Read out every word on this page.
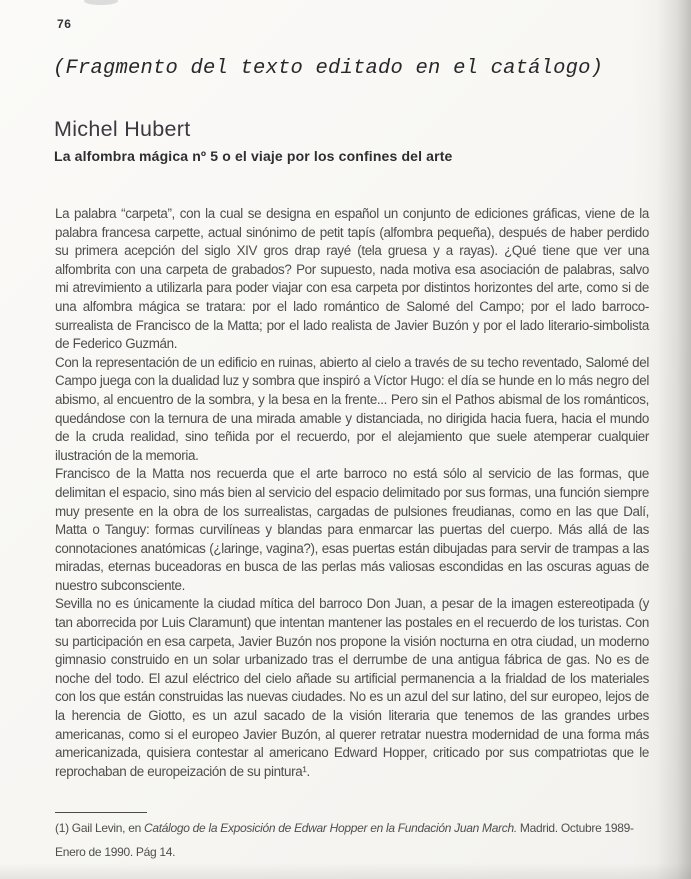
76
(Fragmento del texto editado en el catálogo)
Michel Hubert
La alfombra mágica nº 5 o el viaje por los confines del arte

La palabra “carpeta”, con la cual se designa en español un conjunto de ediciones gráficas, viene de la palabra francesa carpette, actual sinónimo de petit tapís (alfombra pequeña), después de haber perdido su primera acepción del siglo XIV gros drap rayé (tela gruesa y a rayas). ¿Qué tiene que ver una alfombrita con una carpeta de grabados? Por supuesto, nada motiva esa asociación de palabras, salvo mi atrevimiento a utilizarla para poder viajar con esa carpeta por distintos horizontes del arte, como si de una alfombra mágica se tratara: por el lado romántico de Salomé del Campo; por el lado barroco-surrealista de Francisco de la Matta; por el lado realista de Javier Buzón y por el lado literario-simbolista de Federico Guzmán.

Con la representación de un edificio en ruinas, abierto al cielo a través de su techo reventado, Salomé del Campo juega con la dualidad luz y sombra que inspiró a Víctor Hugo: el día se hunde en lo más negro del abismo, al encuentro de la sombra, y la besa en la frente... Pero sin el Pathos abismal de los románticos, quedándose con la ternura de una mirada amable y distanciada, no dirigida hacia fuera, hacia el mundo de la cruda realidad, sino teñida por el recuerdo, por el alejamiento que suele atemperar cualquier ilustración de la memoria.

Francisco de la Matta nos recuerda que el arte barroco no está sólo al servicio de las formas, que delimitan el espacio, sino más bien al servicio del espacio delimitado por sus formas, una función siempre muy presente en la obra de los surrealistas, cargadas de pulsiones freudianas, como en las que Dalí, Matta o Tanguy: formas curvilíneas y blandas para enmarcar las puertas del cuerpo. Más allá de las connotaciones anatómicas (¿laringe, vagina?), esas puertas están dibujadas para servir de trampas a las miradas, eternas buceadoras en busca de las perlas más valiosas escondidas en las oscuras aguas de nuestro subconsciente.

Sevilla no es únicamente la ciudad mítica del barroco Don Juan, a pesar de la imagen estereotipada (y tan aborrecida por Luis Claramunt) que intentan mantener las postales en el recuerdo de los turistas. Con su participación en esa carpeta, Javier Buzón nos propone la visión nocturna en otra ciudad, un moderno gimnasio construido en un solar urbanizado tras el derrumbe de una antigua fábrica de gas. No es de noche del todo. El azul eléctrico del cielo añade su artificial permanencia a la frialdad de los materiales con los que están construidas las nuevas ciudades. No es un azul del sur latino, del sur europeo, lejos de la herencia de Giotto, es un azul sacado de la visión literaria que tenemos de las grandes urbes americanas, como si el europeo Javier Buzón, al querer retratar nuestra modernidad de una forma más americanizada, quisiera contestar al americano Edward Hopper, criticado por sus compatriotas que le reprochaban de europeización de su pintura¹.

(1) Gail Levin, en Catálogo de la Exposición de Edwar Hopper en la Fundación Juan March. Madrid. Octubre 1989-Enero de 1990. Pág 14.
